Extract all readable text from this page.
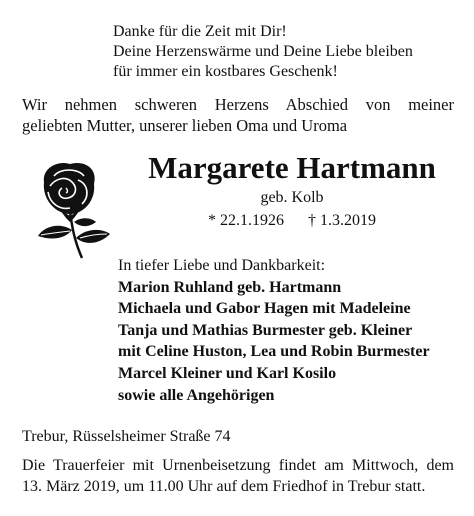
Danke für die Zeit mit Dir!
Deine Herzenswärme und Deine Liebe bleiben
für immer ein kostbares Geschenk!
Wir nehmen schweren Herzens Abschied von meiner
geliebten Mutter, unserer lieben Oma und Uroma
Margarete Hartmann
geb. Kolb
* 22.1.1926 † 1.3.2019
In tiefer Liebe und Dankbarkeit:
Marion Ruhland geb. Hartmann
Michaela und Gabor Hagen mit Madeleine
Tanja und Mathias Burmester geb. Kleiner
mit Celine Huston, Lea und Robin Burmester
Marcel Kleiner und Karl Kosilo
sowie alle Angehörigen
Trebur, Rüsselsheimer Straße 74
Die Trauerfeier mit Urnenbeisetzung findet am Mittwoch, dem
13. März 2019, um 11.00 Uhr auf dem Friedhof in Trebur statt.
